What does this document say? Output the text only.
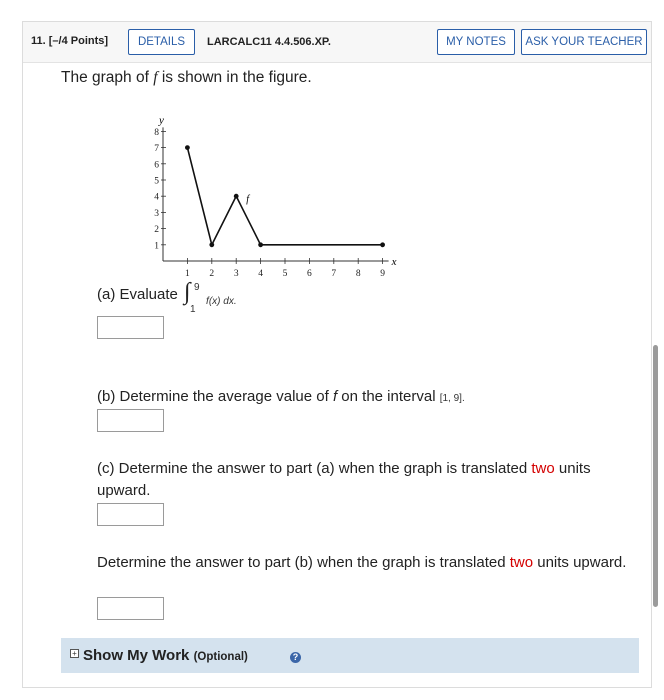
11. [–/4 Points]	DETAILS	LARCALC11 4.4.506.XP.	MY NOTES	ASK YOUR TEACHER
The graph of f is shown in the figure.
y
x
1 2 3 4 5 6 7 8 9
1
2
3
4
5
6
7
8
f
(a) Evaluate ∫ 9
1
f(x) dx.
(b) Determine the average value of f on the interval [1, 9].
(c) Determine the answer to part (a) when the graph is translated two units upward.
Determine the answer to part (b) when the graph is translated two units upward.
+ Show My Work (Optional)	?
